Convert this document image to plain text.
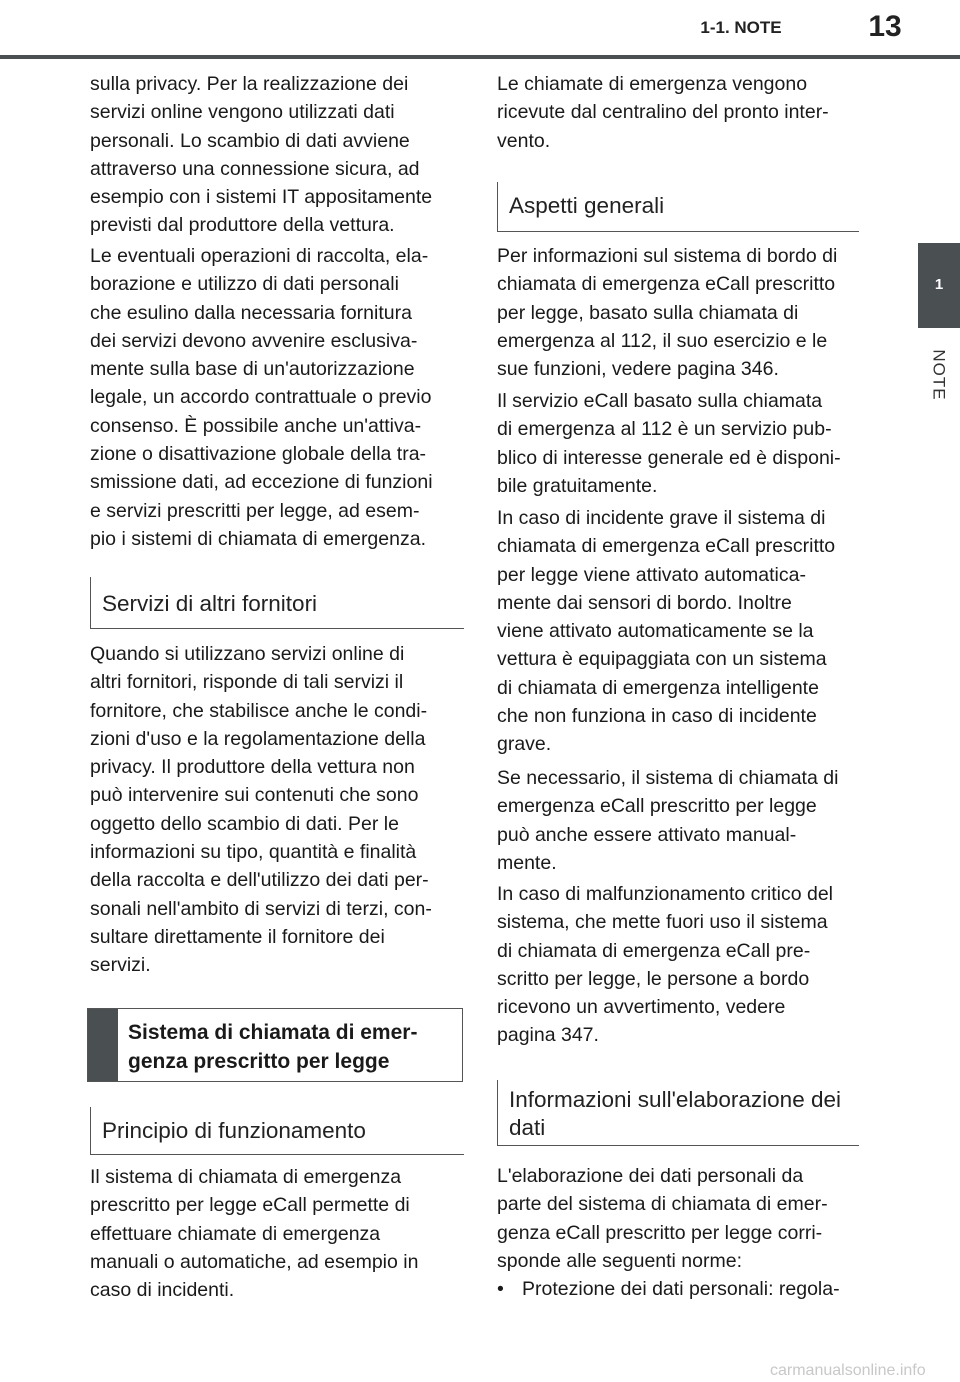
1-1. NOTE	13
1
NOTE

sulla privacy. Per la realizzazione dei
servizi online vengono utilizzati dati
personali. Lo scambio di dati avviene
attraverso una connessione sicura, ad
esempio con i sistemi IT appositamente
previsti dal produttore della vettura.

Le eventuali operazioni di raccolta, ela-
borazione e utilizzo di dati personali
che esulino dalla necessaria fornitura
dei servizi devono avvenire esclusiva-
mente sulla base di un'autorizzazione
legale, un accordo contrattuale o previo
consenso. È possibile anche un'attiva-
zione o disattivazione globale della tra-
smissione dati, ad eccezione di funzioni
e servizi prescritti per legge, ad esem-
pio i sistemi di chiamata di emergenza.

Servizi di altri fornitori

Quando si utilizzano servizi online di
altri fornitori, risponde di tali servizi il
fornitore, che stabilisce anche le condi-
zioni d'uso e la regolamentazione della
privacy. Il produttore della vettura non
può intervenire sui contenuti che sono
oggetto dello scambio di dati. Per le
informazioni su tipo, quantità e finalità
della raccolta e dell'utilizzo dei dati per-
sonali nell'ambito di servizi di terzi, con-
sultare direttamente il fornitore dei
servizi.

Sistema di chiamata di emer-
genza prescritto per legge
Principio di funzionamento

Il sistema di chiamata di emergenza
prescritto per legge eCall permette di
effettuare chiamate di emergenza
manuali o automatiche, ad esempio in
caso di incidenti.

Le chiamate di emergenza vengono
ricevute dal centralino del pronto inter-
vento.

Aspetti generali

Per informazioni sul sistema di bordo di
chiamata di emergenza eCall prescritto
per legge, basato sulla chiamata di
emergenza al 112, il suo esercizio e le
sue funzioni, vedere pagina 346.

Il servizio eCall basato sulla chiamata
di emergenza al 112 è un servizio pub-
blico di interesse generale ed è disponi-
bile gratuitamente.

In caso di incidente grave il sistema di
chiamata di emergenza eCall prescritto
per legge viene attivato automatica-
mente dai sensori di bordo. Inoltre
viene attivato automaticamente se la
vettura è equipaggiata con un sistema
di chiamata di emergenza intelligente
che non funziona in caso di incidente
grave.

Se necessario, il sistema di chiamata di
emergenza eCall prescritto per legge
può anche essere attivato manual-
mente.

In caso di malfunzionamento critico del
sistema, che mette fuori uso il sistema
di chiamata di emergenza eCall pre-
scritto per legge, le persone a bordo
ricevono un avvertimento, vedere
pagina 347.

Informazioni sull'elaborazione dei
dati

L'elaborazione dei dati personali da
parte del sistema di chiamata di emer-
genza eCall prescritto per legge corri-
sponde alle seguenti norme:

• Protezione dei dati personali: regola-
carmanualsonline.info
